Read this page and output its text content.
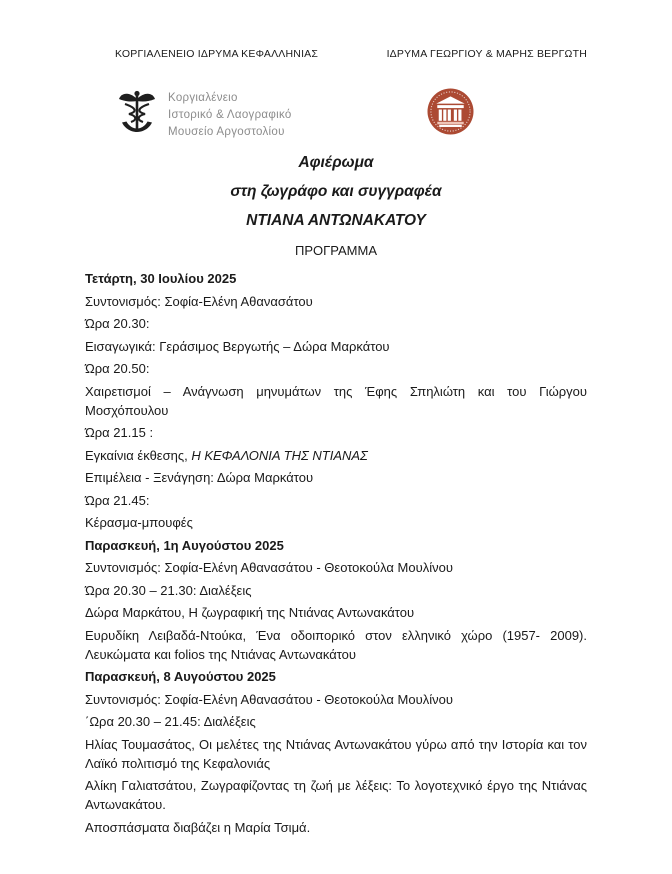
ΚΟΡΓΙΑΛΕΝΕΙΟ ΙΔΡΥΜΑ ΚΕΦΑΛΛΗΝΙΑΣ	ΙΔΡΥΜΑ ΓΕΩΡΓΙΟΥ & ΜΑΡΗΣ ΒΕΡΓΩΤΗ
Κοργιαλένειο
Ιστορικό & Λαογραφικό
Μουσείο Αργοστολίου
Αφιέρωμα
στη ζωγράφο και συγγραφέα
ΝΤΙΑΝΑ ΑΝΤΩΝΑΚΑΤΟΥ
ΠΡΟΓΡΑΜΜΑ

Τετάρτη, 30 Ιουλίου 2025

Συντονισμός: Σοφία-Ελένη Αθανασάτου

Ώρα 20.30:

Εισαγωγικά: Γεράσιμος Βεργωτής – Δώρα Μαρκάτου

Ώρα 20.50:

Χαιρετισμοί – Ανάγνωση μηνυμάτων της Έφης Σπηλιώτη και του Γιώργου Μοσχόπουλου

Ώρα 21.15 :

Εγκαίνια έκθεσης, Η ΚΕΦΑΛΟΝΙΑ ΤΗΣ ΝΤΙΑΝΑΣ

Επιμέλεια - Ξενάγηση: Δώρα Μαρκάτου

Ώρα 21.45:

Κέρασμα-μπουφές

Παρασκευή, 1η Αυγούστου 2025

Συντονισμός: Σοφία-Ελένη Αθανασάτου - Θεοτοκούλα Μουλίνου

Ώρα 20.30 – 21.30: Διαλέξεις

Δώρα Μαρκάτου, Η ζωγραφική της Ντιάνας Αντωνακάτου

Ευρυδίκη Λειβαδά-Ντούκα, Ένα οδοιπορικό στον ελληνικό χώρο (1957- 2009). Λευκώματα και folios της Ντιάνας Αντωνακάτου

Παρασκευή, 8 Αυγούστου 2025

Συντονισμός: Σοφία-Ελένη Αθανασάτου - Θεοτοκούλα Μουλίνου

΄Ωρα 20.30 – 21.45: Διαλέξεις

Ηλίας Τουμασάτος, Οι μελέτες της Ντιάνας Αντωνακάτου γύρω από την Ιστορία και τον Λαϊκό πολιτισμό της Κεφαλονιάς

Αλίκη Γαλιατσάτου, Ζωγραφίζοντας τη ζωή με λέξεις: Το λογοτεχνικό έργο της Ντιάνας Αντωνακάτου.

Αποσπάσματα διαβάζει η Μαρία Τσιμά.
